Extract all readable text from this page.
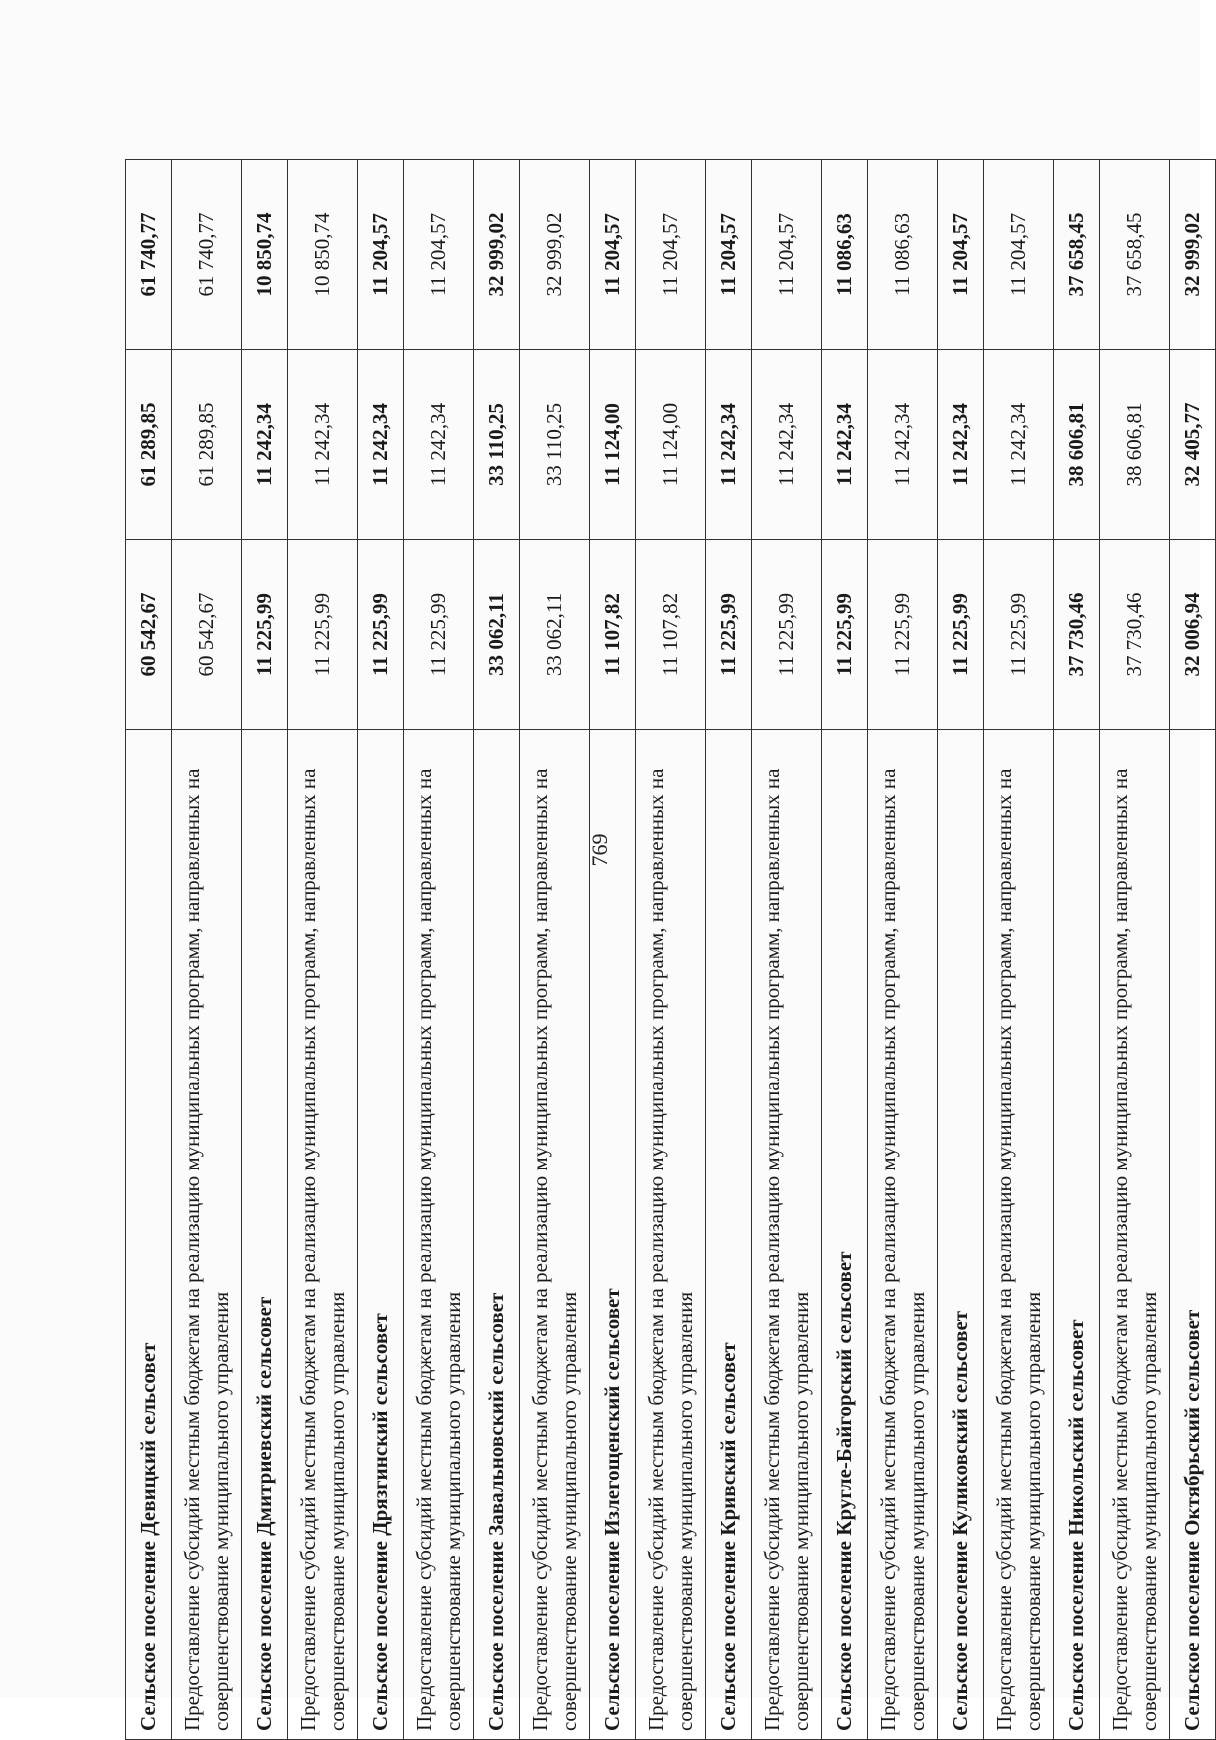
769
Сельское поселение Девицкий сельсовет	60 542,67	61 289,85	61 740,77
Предоставление субсидий местным бюджетам на реализацию муниципальных программ, направленных на совершенствование муниципального управления	60 542,67	61 289,85	61 740,77
Сельское поселение Дмитриевский сельсовет	11 225,99	11 242,34	10 850,74
Предоставление субсидий местным бюджетам на реализацию муниципальных программ, направленных на совершенствование муниципального управления	11 225,99	11 242,34	10 850,74
Сельское поселение Дрязгинский сельсовет	11 225,99	11 242,34	11 204,57
Предоставление субсидий местным бюджетам на реализацию муниципальных программ, направленных на совершенствование муниципального управления	11 225,99	11 242,34	11 204,57
Сельское поселение Завальновский сельсовет	33 062,11	33 110,25	32 999,02
Предоставление субсидий местным бюджетам на реализацию муниципальных программ, направленных на совершенствование муниципального управления	33 062,11	33 110,25	32 999,02
Сельское поселение Излегощенский сельсовет	11 107,82	11 124,00	11 204,57
Предоставление субсидий местным бюджетам на реализацию муниципальных программ, направленных на совершенствование муниципального управления	11 107,82	11 124,00	11 204,57
Сельское поселение Кривский сельсовет	11 225,99	11 242,34	11 204,57
Предоставление субсидий местным бюджетам на реализацию муниципальных программ, направленных на совершенствование муниципального управления	11 225,99	11 242,34	11 204,57
Сельское поселение Круглe-Байгорский сельсовет	11 225,99	11 242,34	11 086,63
Предоставление субсидий местным бюджетам на реализацию муниципальных программ, направленных на совершенствование муниципального управления	11 225,99	11 242,34	11 086,63
Сельское поселение Куликовский сельсовет	11 225,99	11 242,34	11 204,57
Предоставление субсидий местным бюджетам на реализацию муниципальных программ, направленных на совершенствование муниципального управления	11 225,99	11 242,34	11 204,57
Сельское поселение Никольский сельсовет	37 730,46	38 606,81	37 658,45
Предоставление субсидий местным бюджетам на реализацию муниципальных программ, направленных на совершенствование муниципального управления	37 730,46	38 606,81	37 658,45
Сельское поселение Октябрьский сельсовет	32 006,94	32 405,77	32 999,02
